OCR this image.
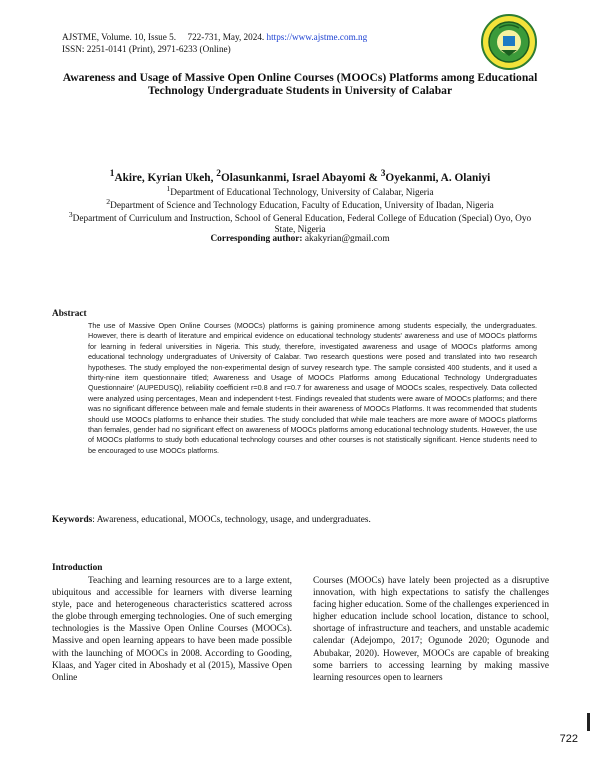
AJSTME, Volume. 10, Issue 5.     722-731, May, 2024. https://www.ajstme.com.ng
ISSN: 2251-0141 (Print), 2971-6233 (Online)
Awareness and Usage of Massive Open Online Courses (MOOCs) Platforms among Educational Technology Undergraduate Students in University of Calabar
$^1$Akire, Kyrian Ukeh, $^2$Olasunkanmi, Israel Abayomi & $^3$Oyekanmi, A. Olaniyi
$^1$Department of Educational Technology, University of Calabar, Nigeria
$^2$Department of Science and Technology Education, Faculty of Education, University of Ibadan, Nigeria
$^3$Department of Curriculum and Instruction, School of General Education, Federal College of Education (Special) Oyo, Oyo State, Nigeria
Corresponding author: akakyrian@gmail.com
Abstract
The use of Massive Open Online Courses (MOOCs) platforms is gaining prominence among students especially, the undergraduates. However, there is dearth of literature and empirical evidence on educational technology students' awareness and use of MOOCs platforms for learning in federal universities in Nigeria. This study, therefore, investigated awareness and usage of MOOCs platforms among educational technology undergraduates of University of Calabar. Two research questions were posed and translated into two research hypotheses. The study employed the non-experimental design of survey research type. The sample consisted 400 students, and it used a thirty-nine item questionnaire titled; Awareness and Usage of MOOCs Platforms among Educational Technology Undergraduates Questionnaire' (AUPEDUSQ), reliability coefficient r=0.8 and r=0.7 for awareness and usage of MOOCs scales, respectively. Data collected were analyzed using percentages, Mean and independent t-test. Findings revealed that students were aware of MOOCs platforms; and there was no significant difference between male and female students in their awareness of MOOCs Platforms. It was recommended that students should use MOOCs platforms to enhance their studies. The study concluded that while male teachers are more aware of MOOCs platforms than females, gender had no significant effect on awareness of MOOCs platforms among educational technology students. However, the use of MOOCs platforms to study both educational technology courses and other courses is not statistically significant. Hence students need to be encouraged to use MOOCs platforms.
Keywords: Awareness, educational, MOOCs, technology, usage, and undergraduates.
Introduction
Teaching and learning resources are to a large extent, ubiquitous and accessible for learners with diverse learning style, pace and heterogeneous characteristics scattered across the globe through emerging technologies. One of such emerging technologies is the Massive Open Online Courses (MOOCs). Massive and open learning appears to have been made possible with the launching of MOOCs in 2008. According to Gooding, Klaas, and Yager cited in Aboshady et al (2015), Massive Open Online
Courses (MOOCs) have lately been projected as a disruptive innovation, with high expectations to satisfy the challenges facing higher education. Some of the challenges experienced in higher education include school location, distance to school, shortage of infrastructure and teachers, and unstable academic calendar (Adejompo, 2017; Ogunode 2020; Ogunode and Abubakar, 2020). However, MOOCs are capable of breaking some barriers to accessing learning by making massive learning resources open to learners
722
